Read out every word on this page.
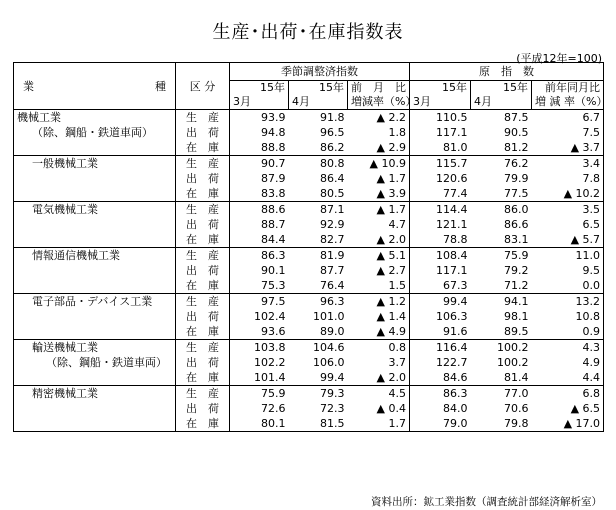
生産･出荷･在庫指数表
(平成12年=100)
業 種	区 分	季節調整済指数			原　指　数		
		15年	15年	前　月　比	15年	15年	前年同月比
		3月	4月	増減率（%）	3月	4月	増 減 率（%）
機械工業	生　産	93.9	91.8	▲ 2.2	110.5	87.5	6.7
（除、鋼船・鉄道車両）	出　荷	94.8	96.5	1.8	117.1	90.5	7.5
	在　庫	88.8	86.2	▲ 2.9	81.0	81.2	▲ 3.7
一般機械工業	生　産	90.7	80.8	▲ 10.9	115.7	76.2	3.4
	出　荷	87.9	86.4	▲ 1.7	120.6	79.9	7.8
	在　庫	83.8	80.5	▲ 3.9	77.4	77.5	▲ 10.2
電気機械工業	生　産	88.6	87.1	▲ 1.7	114.4	86.0	3.5
	出　荷	88.7	92.9	4.7	121.1	86.6	6.5
	在　庫	84.4	82.7	▲ 2.0	78.8	83.1	▲ 5.7
情報通信機械工業	生　産	86.3	81.9	▲ 5.1	108.4	75.9	11.0
	出　荷	90.1	87.7	▲ 2.7	117.1	79.2	9.5
	在　庫	75.3	76.4	1.5	67.3	71.2	0.0
電子部品・デバイス工業	生　産	97.5	96.3	▲ 1.2	99.4	94.1	13.2
	出　荷	102.4	101.0	▲ 1.4	106.3	98.1	10.8
	在　庫	93.6	89.0	▲ 4.9	91.6	89.5	0.9
輸送機械工業	生　産	103.8	104.6	0.8	116.4	100.2	4.3
（除、鋼船・鉄道車両）	出　荷	102.2	106.0	3.7	122.7	100.2	4.9
	在　庫	101.4	99.4	▲ 2.0	84.6	81.4	4.4
精密機械工業	生　産	75.9	79.3	4.5	86.3	77.0	6.8
	出　荷	72.6	72.3	▲ 0.4	84.0	70.6	▲ 6.5
	在　庫	80.1	81.5	1.7	79.0	79.8	▲ 17.0
資料出所：鉱工業指数（調査統計部経済解析室）
